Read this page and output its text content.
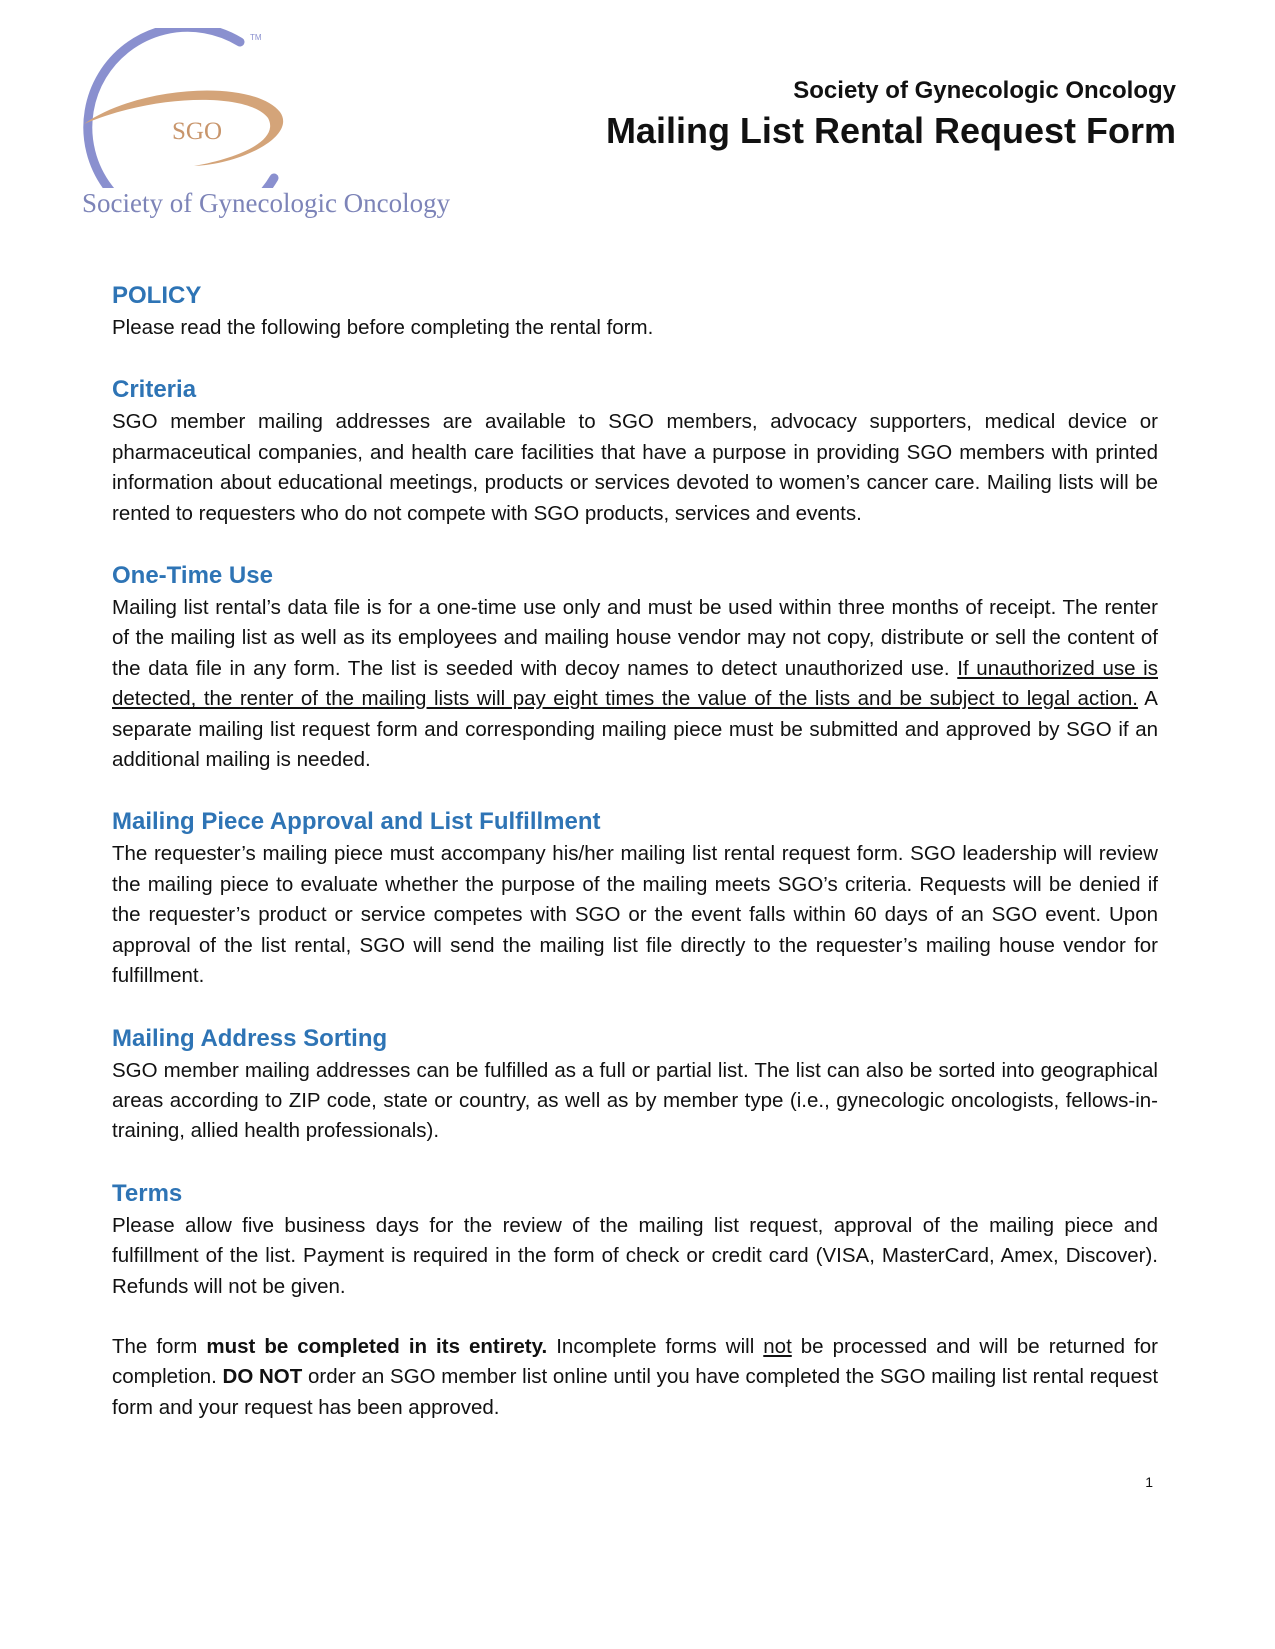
SGO
TM
Society of Gynecologic Oncology
Society of Gynecologic Oncology
Mailing List Rental Request Form
POLICY

Please read the following before completing the rental form.

Criteria

SGO member mailing addresses are available to SGO members, advocacy supporters, medical device or pharmaceutical companies, and health care facilities that have a purpose in providing SGO members with printed information about educational meetings, products or services devoted to women’s cancer care. Mailing lists will be rented to requesters who do not compete with SGO products, services and events.

One-Time Use

Mailing list rental’s data file is for a one-time use only and must be used within three months of receipt. The renter of the mailing list as well as its employees and mailing house vendor may not copy, distribute or sell the content of the data file in any form. The list is seeded with decoy names to detect unauthorized use. If unauthorized use is detected, the renter of the mailing lists will pay eight times the value of the lists and be subject to legal action. A separate mailing list request form and corresponding mailing piece must be submitted and approved by SGO if an additional mailing is needed.

Mailing Piece Approval and List Fulfillment

The requester’s mailing piece must accompany his/her mailing list rental request form. SGO leadership will review the mailing piece to evaluate whether the purpose of the mailing meets SGO’s criteria. Requests will be denied if the requester’s product or service competes with SGO or the event falls within 60 days of an SGO event. Upon approval of the list rental, SGO will send the mailing list file directly to the requester’s mailing house vendor for fulfillment.

Mailing Address Sorting

SGO member mailing addresses can be fulfilled as a full or partial list. The list can also be sorted into geographical areas according to ZIP code, state or country, as well as by member type (i.e., gynecologic oncologists, fellows-in-training, allied health professionals).

Terms

Please allow five business days for the review of the mailing list request, approval of the mailing piece and fulfillment of the list. Payment is required in the form of check or credit card (VISA, MasterCard, Amex, Discover). Refunds will not be given.

The form must be completed in its entirety. Incomplete forms will not be processed and will be returned for completion. DO NOT order an SGO member list online until you have completed the SGO mailing list rental request form and your request has been approved.

1
